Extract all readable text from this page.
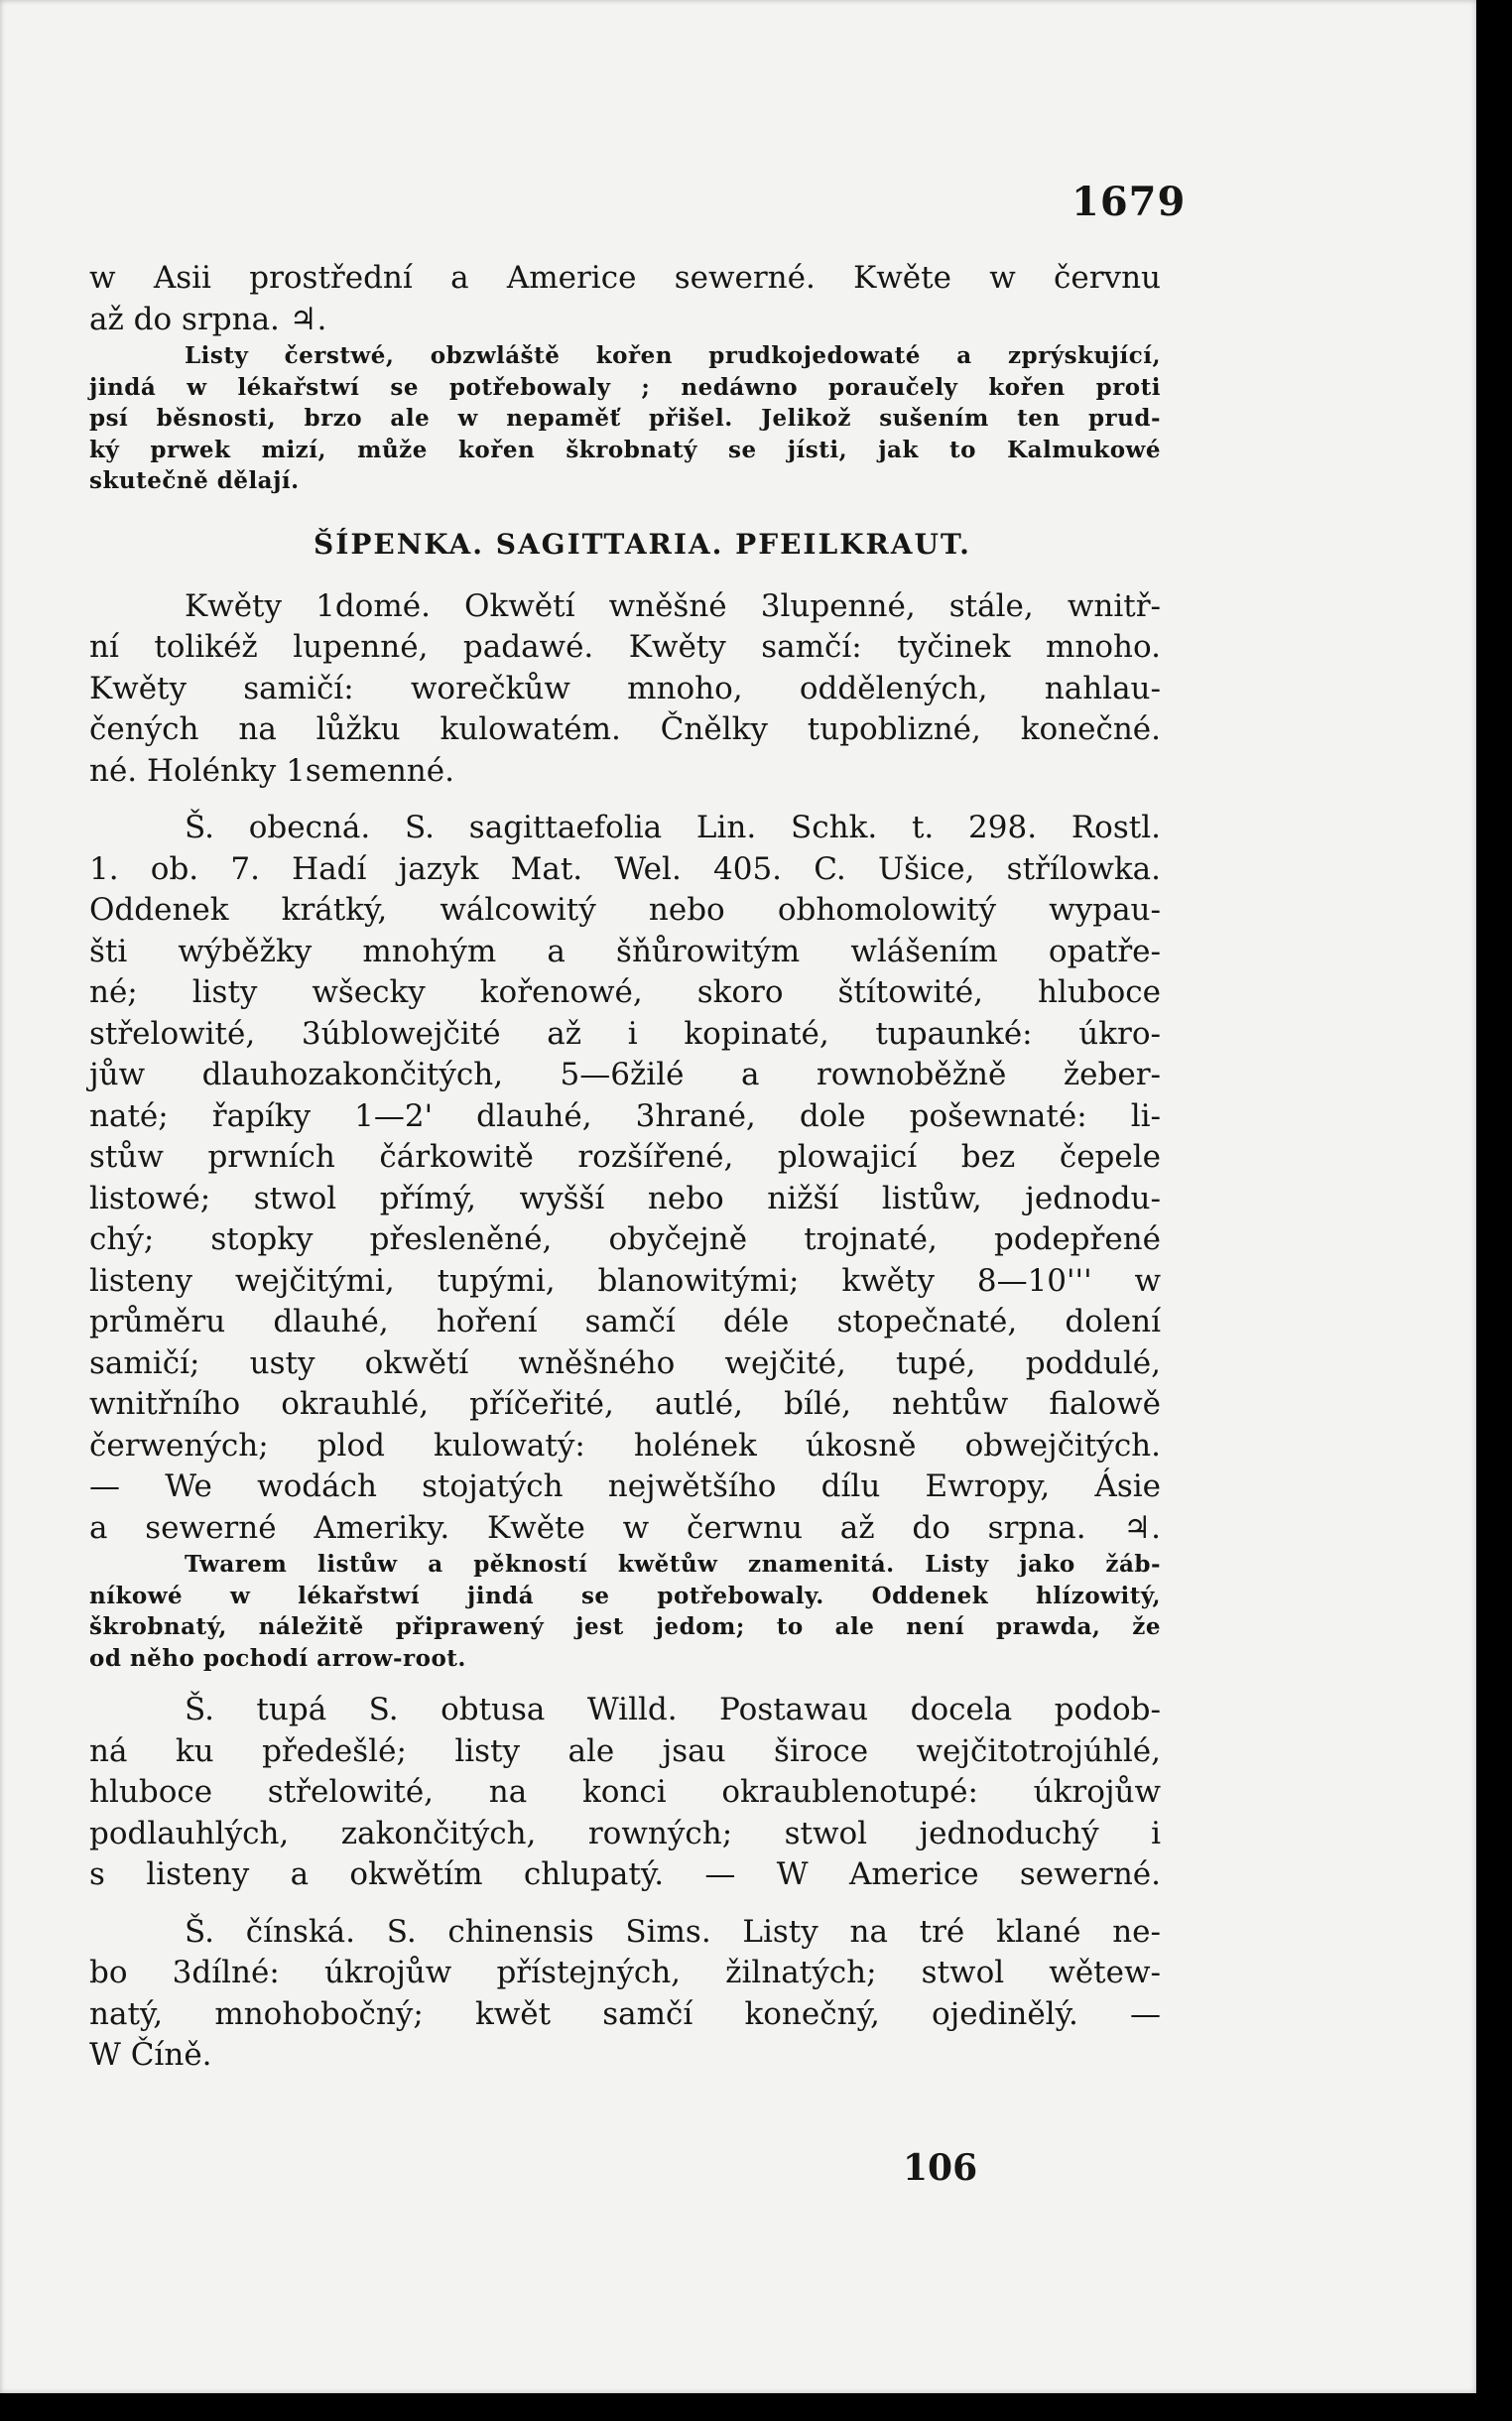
1679
w Asii prostřední a Americe sewerné. Kwěte w červnu
až do srpna. ♃.
Listy čerstwé, obzwláště kořen prudkojedowaté a zprýskující,
jindá w lékařstwí se potřebowaly ; nedáwno poraučely kořen proti
psí běsnosti, brzo ale w nepaměť přišel. Jelikož sušením ten prud-
ký prwek mizí, může kořen škrobnatý se jísti, jak to Kalmukowé
skutečně dělají.
ŠÍPENKA. SAGITTARIA. PFEILKRAUT.
Kwěty 1domé. Okwětí wněšné 3lupenné, stále, wnitř-
ní tolikéž lupenné, padawé. Kwěty samčí: tyčinek mnoho.
Kwěty samičí: worečkůw mnoho, oddělených, nahlau-
čených na lůžku kulowatém. Čnělky tupoblizné, konečné.
né. Holénky 1semenné.
Š. obecná. S. sagittaefolia Lin. Schk. t. 298. Rostl.
1. ob. 7. Hadí jazyk Mat. Wel. 405. C. Ušice, střílowka.
Oddenek krátký, wálcowitý nebo obhomolowitý wypau-
šti wýběžky mnohým a šňůrowitým wlášením opatře-
né; listy wšecky kořenowé, skoro štítowité, hluboce
střelowité, 3úblowejčité až i kopinaté, tupaunké: úkro-
jůw dlauhozakončitých, 5—6žilé a rownoběžně žeber-
naté; řapíky 1—2' dlauhé, 3hrané, dole pošewnaté: li-
stůw prwních čárkowitě rozšířené, plowajicí bez čepele
listowé; stwol přímý, wyšší nebo nižší listůw, jednodu-
chý; stopky přesleněné, obyčejně trojnaté, podepřené
listeny wejčitými, tupými, blanowitými; kwěty 8—10''' w
průměru dlauhé, hoření samčí déle stopečnaté, dolení
samičí; usty okwětí wněšného wejčité, tupé, poddulé,
wnitřního okrauhlé, příčeřité, autlé, bílé, nehtůw fialowě
čerwených; plod kulowatý: holének úkosně obwejčitých.
— We wodách stojatých nejwětšího dílu Ewropy, Ásie
a sewerné Ameriky. Kwěte w čerwnu až do srpna. ♃.
Twarem listůw a pěkností kwětůw znamenitá. Listy jako žáb-
níkowé w lékařstwí jindá se potřebowaly. Oddenek hlízowitý,
škrobnatý, náležitě připrawený jest jedom; to ale není prawda, že
od něho pochodí arrow-root.
Š. tupá S. obtusa Willd. Postawau docela podob-
ná ku předešlé; listy ale jsau široce wejčitotrojúhlé,
hluboce střelowité, na konci okraublenotupé: úkrojůw
podlauhlých, zakončitých, rowných; stwol jednoduchý i
s listeny a okwětím chlupatý. — W Americe sewerné.
Š. čínská. S. chinensis Sims. Listy na tré klané ne-
bo 3dílné: úkrojůw přístejných, žilnatých; stwol wětew-
natý, mnohobočný; kwět samčí konečný, ojedinělý. —
W Číně.
106
